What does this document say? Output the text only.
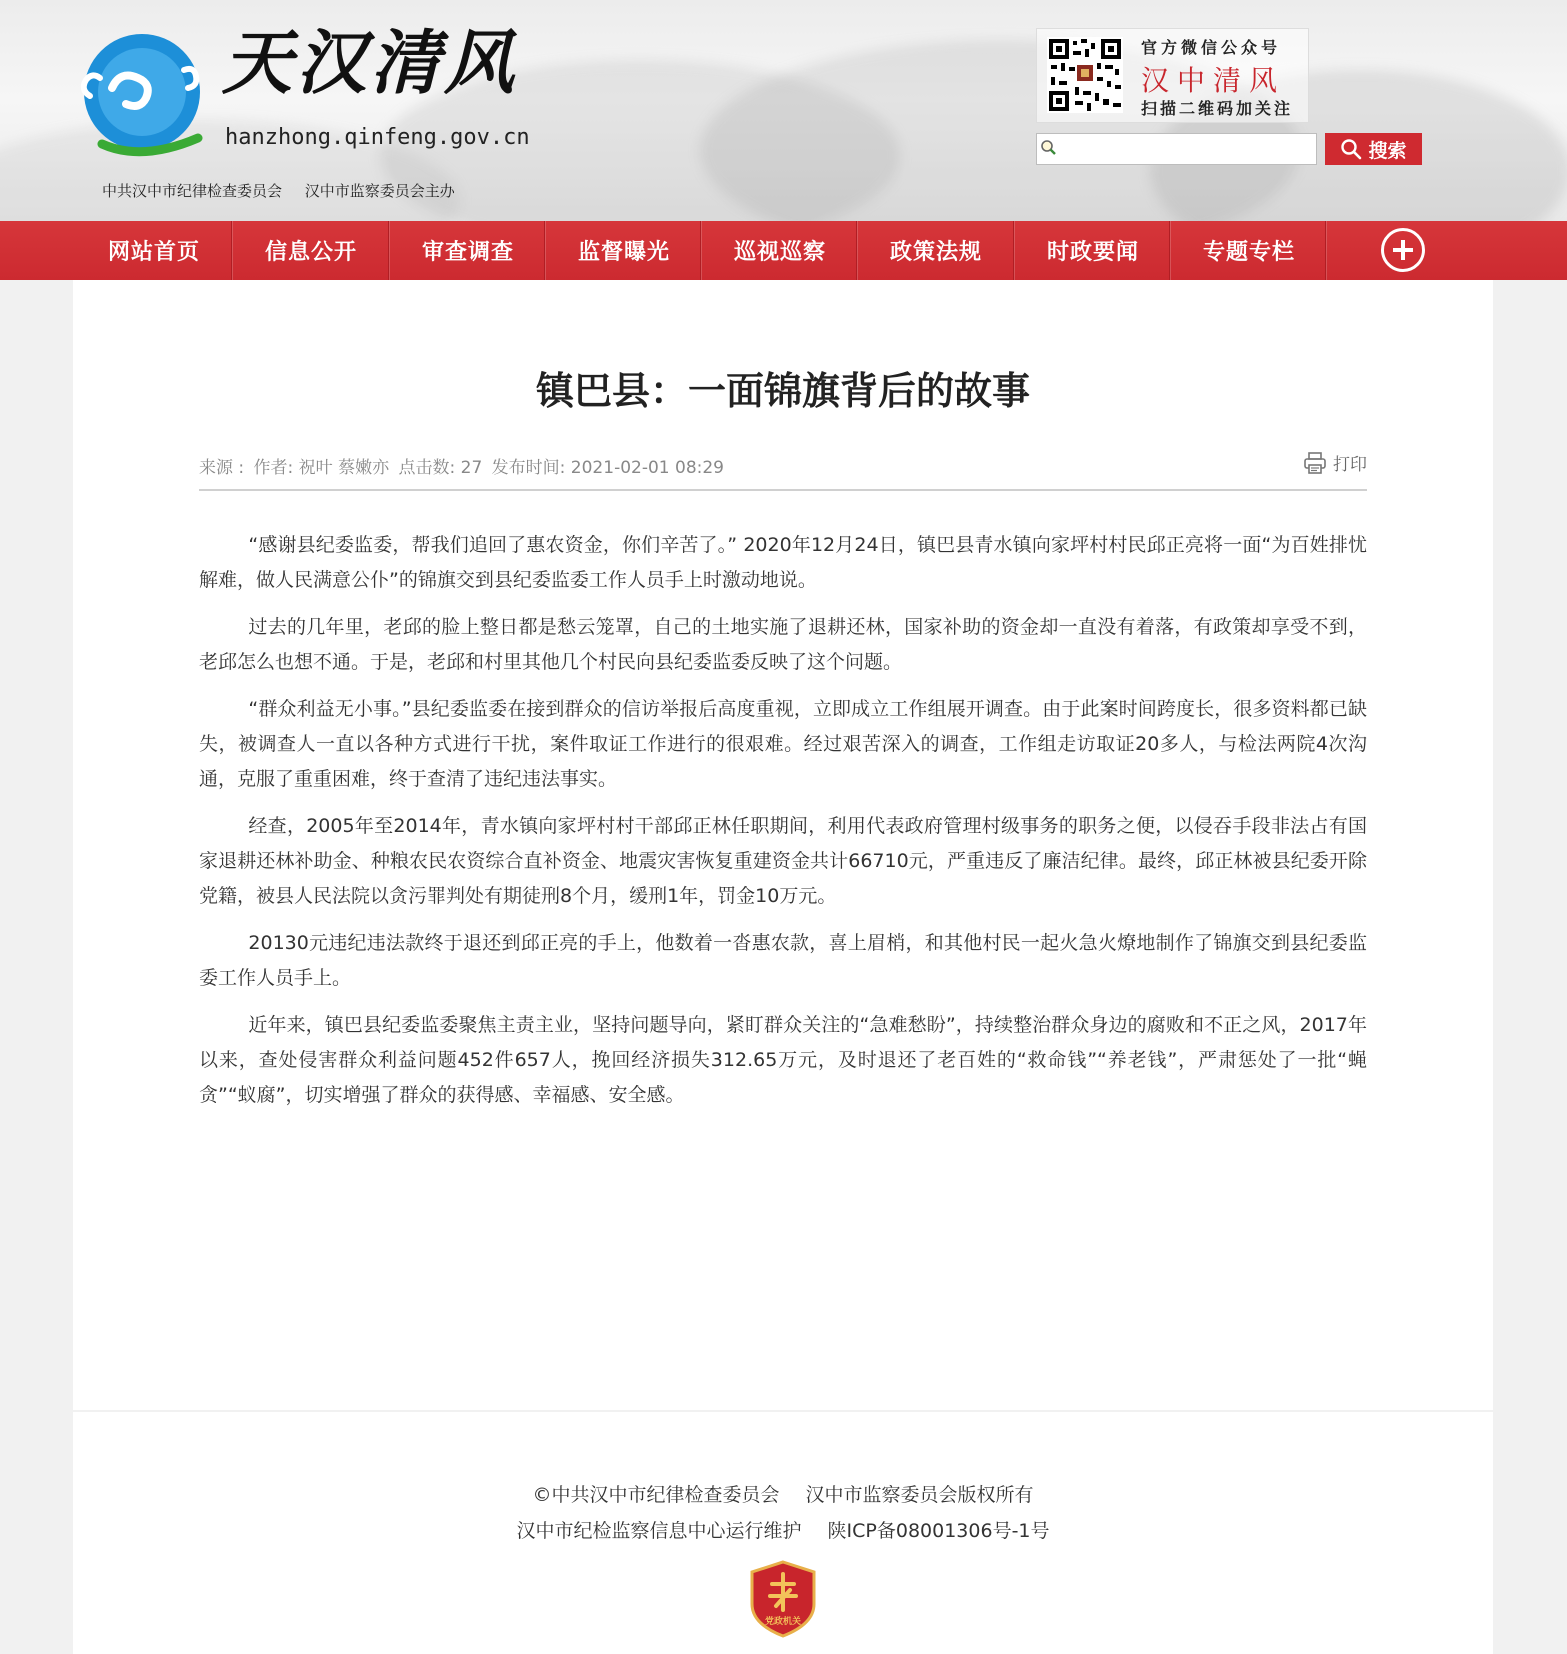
天汉清风
hanzhong.qinfeng.gov.cn
中共汉中市纪律检查委员会 汉中市监察委员会主办
官方微信公众号
汉中清风
扫描二维码加关注
搜索
网站首页	信息公开	审查调查	监督曝光	巡视巡察	政策法规	时政要闻	专题专栏
镇巴县：一面锦旗背后的故事
来源 : 作者: 祝叶 蔡嫩亦 点击数: 27 发布时间: 2021-02-01 08:29	打印

“感谢县纪委监委，帮我们追回了惠农资金，你们辛苦了。” 2020年12月24日，镇巴县青水镇向家坪村村民邱正亮将一面“为百姓排忧解难，做人民满意公仆”的锦旗交到县纪委监委工作人员手上时激动地说。

过去的几年里，老邱的脸上整日都是愁云笼罩，自己的土地实施了退耕还林，国家补助的资金却一直没有着落，有政策却享受不到，老邱怎么也想不通。于是，老邱和村里其他几个村民向县纪委监委反映了这个问题。

“群众利益无小事。”县纪委监委在接到群众的信访举报后高度重视，立即成立工作组展开调查。由于此案时间跨度长，很多资料都已缺失，被调查人一直以各种方式进行干扰，案件取证工作进行的很艰难。经过艰苦深入的调查，工作组走访取证20多人，与检法两院4次沟通，克服了重重困难，终于查清了违纪违法事实。

经查，2005年至2014年，青水镇向家坪村村干部邱正林任职期间，利用代表政府管理村级事务的职务之便，以侵吞手段非法占有国家退耕还林补助金、种粮农民农资综合直补资金、地震灾害恢复重建资金共计66710元，严重违反了廉洁纪律。最终，邱正林被县纪委开除党籍，被县人民法院以贪污罪判处有期徒刑8个月，缓刑1年，罚金10万元。

20130元违纪违法款终于退还到邱正亮的手上，他数着一沓惠农款，喜上眉梢，和其他村民一起火急火燎地制作了锦旗交到县纪委监委工作人员手上。

近年来，镇巴县纪委监委聚焦主责主业，坚持问题导向，紧盯群众关注的“急难愁盼”，持续整治群众身边的腐败和不正之风，2017年以来，查处侵害群众利益问题452件657人，挽回经济损失312.65万元，及时退还了老百姓的“救命钱”“养老钱”，严肃惩处了一批“蝇贪”“蚁腐”，切实增强了群众的获得感、幸福感、安全感。

©中共汉中市纪律检查委员会 汉中市监察委员会版权所有
汉中市纪检监察信息中心运行维护 陕ICP备08001306号-1号
党政机关
